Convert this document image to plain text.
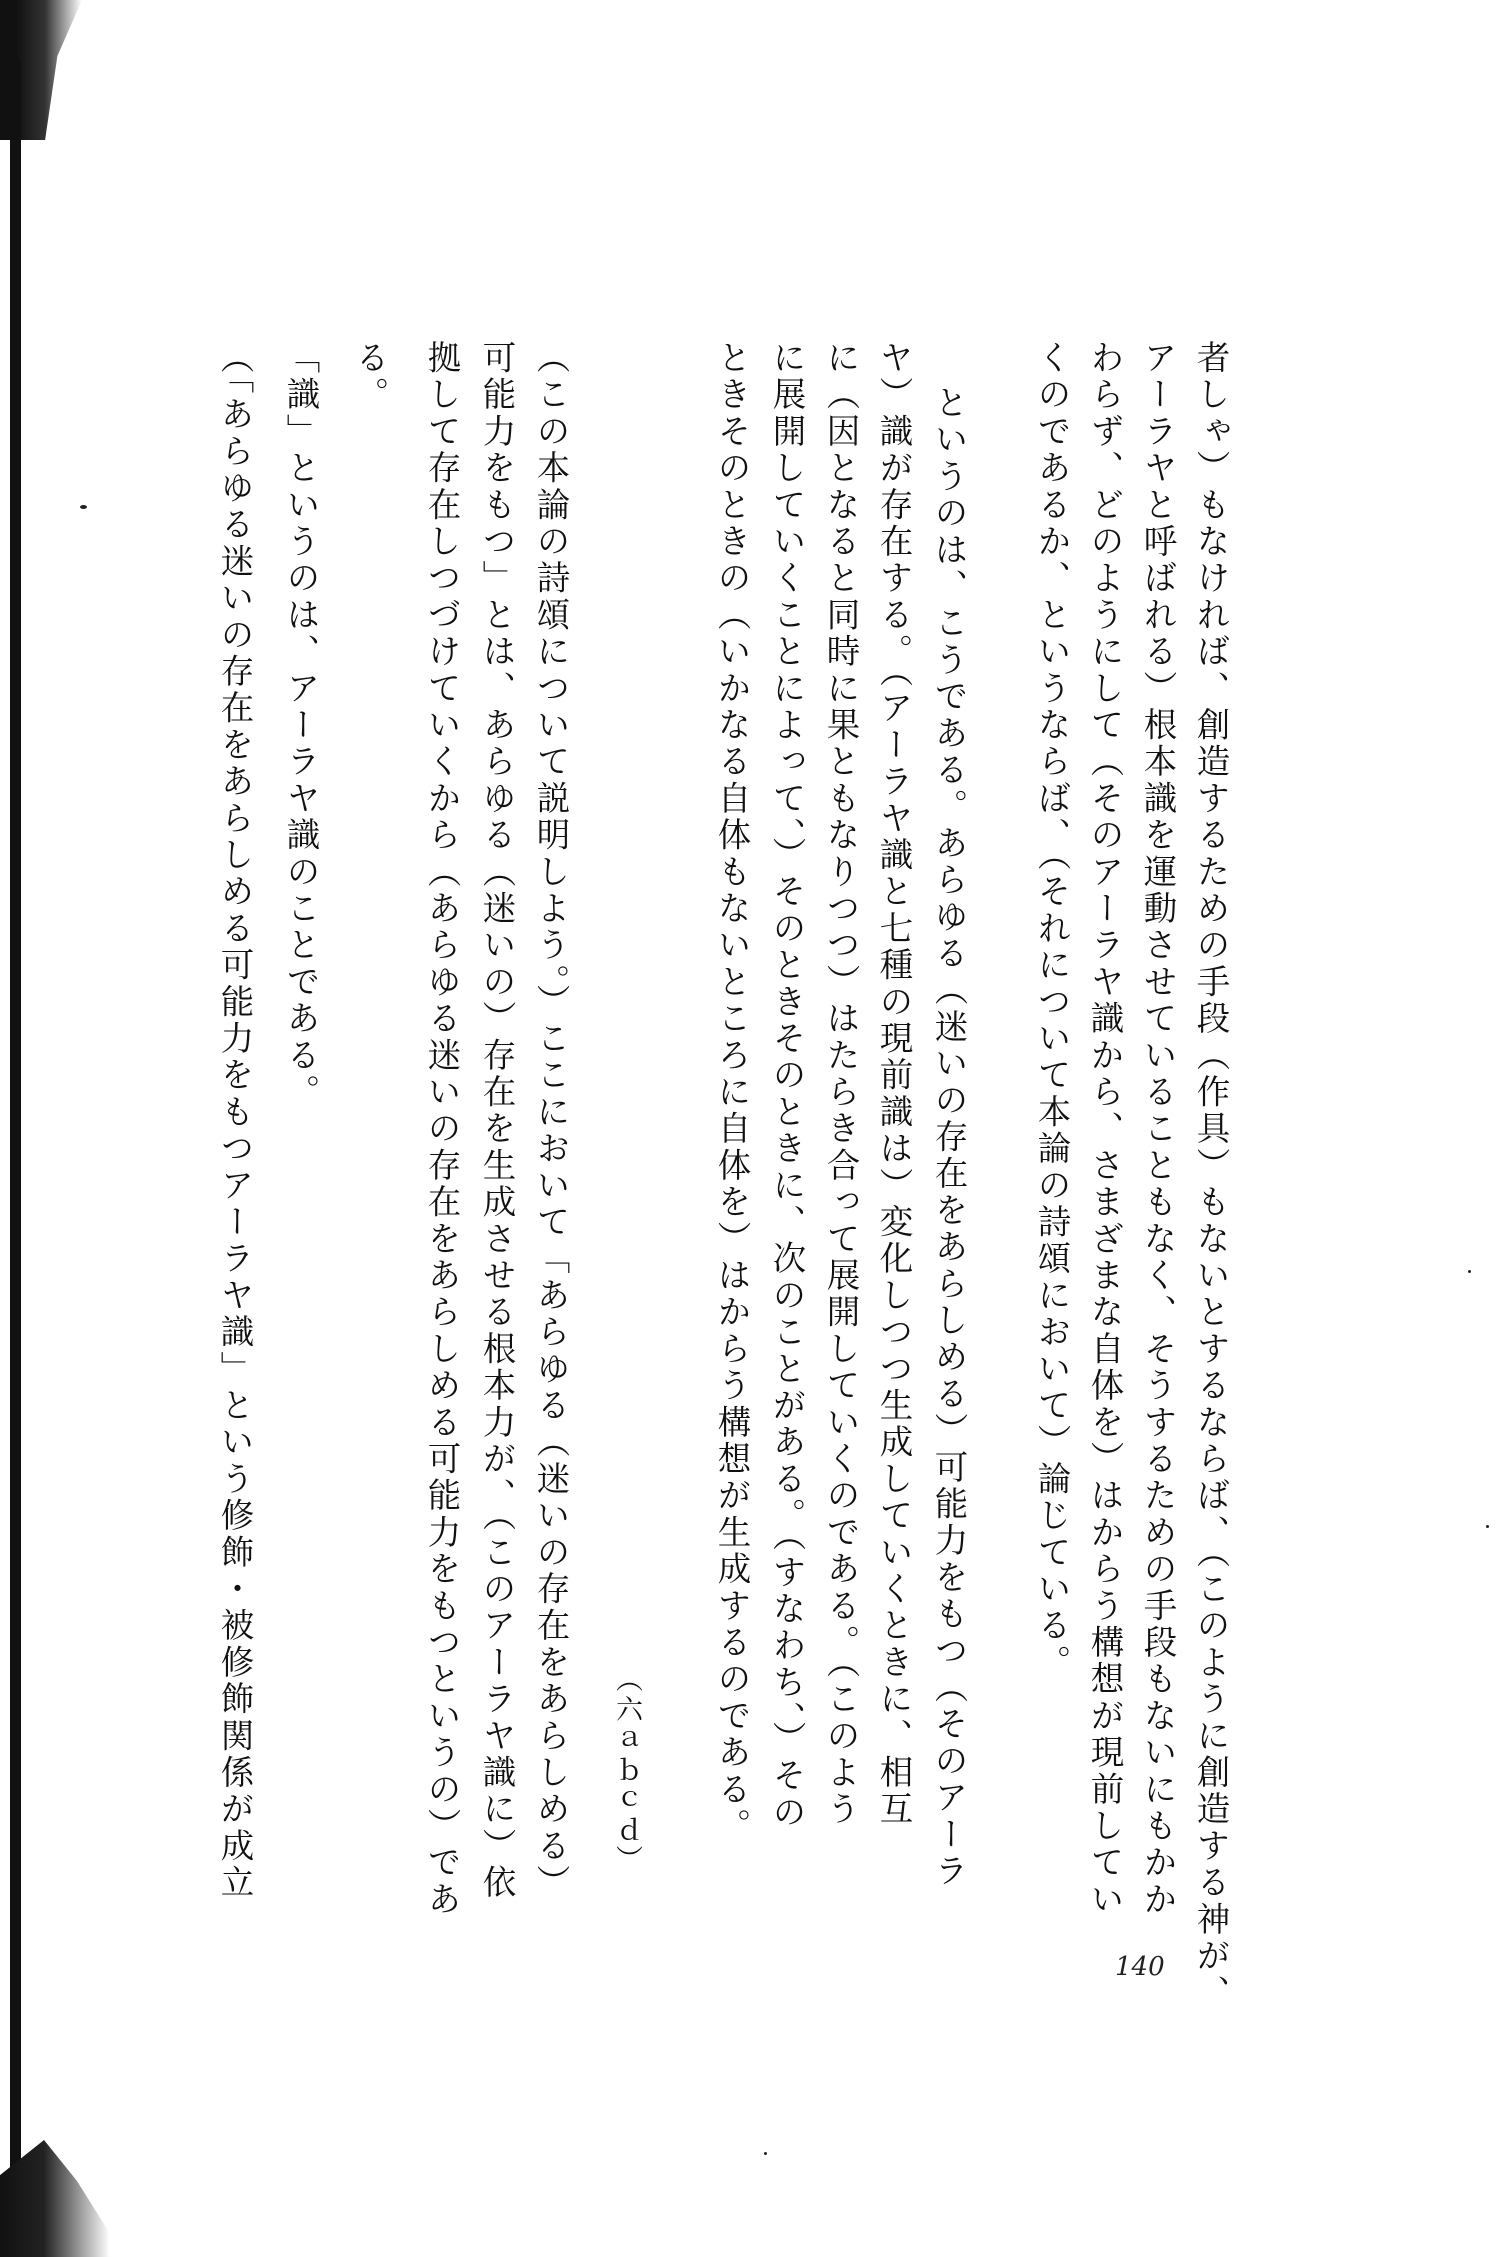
者しゃ）もなければ、創造するための手段（作具）もないとするならば、（このように創造する神が、
アーラヤと呼ばれる）根本識を運動させていることもなく、そうするための手段もないにもかか
わらず、どのようにして（そのアーラヤ識から、さまざまな自体を）はからう構想が現前してい
くのであるか、というならば、（それについて本論の詩頌において）論じている。
というのは、こうである。あらゆる（迷いの存在をあらしめる）可能力をもつ（そのアーラ
ヤ）識が存在する。（アーラヤ識と七種の現前識は）変化しつつ生成していくときに、相互
に（因となると同時に果ともなりつつ）はたらき合って展開していくのである。（このよう
に展開していくことによって、）そのときそのときに、次のことがある。（すなわち、）その
ときそのときの（いかなる自体もないところに自体を）はからう構想が生成するのである。
（六ａｂｃｄ）
（この本論の詩頌について説明しよう。）ここにおいて「あらゆる（迷いの存在をあらしめる）
可能力をもつ」とは、あらゆる（迷いの）存在を生成させる根本力が、（このアーラヤ識に）依
拠して存在しつづけていくから（あらゆる迷いの存在をあらしめる可能力をもつというの）であ
る。
「識」というのは、アーラヤ識のことである。
（「あらゆる迷いの存在をあらしめる可能力をもつアーラヤ識」という修飾・被修飾関係が成立
140
